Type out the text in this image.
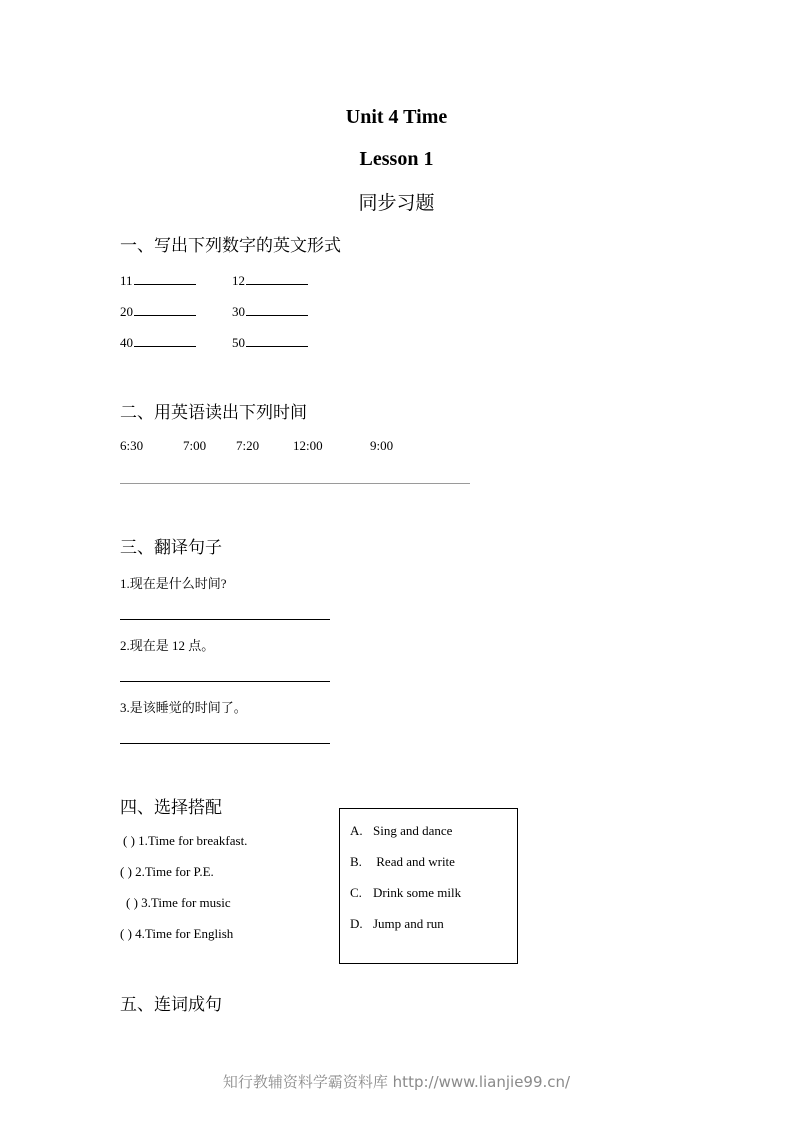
Unit 4 Time
Lesson 1
同步习题
一、写出下列数字的英文形式
11	12
20	30
40	50
二、用英语读出下列时间
6:30	7:00 7:20	12:00	9:00
三、翻译句子
1.现在是什么时间?
2.现在是 12 点。
3.是该睡觉的时间了。
四、选择搭配
( ) 1.Time for breakfast.
( ) 2.Time for P.E.
( ) 3.Time for music
( ) 4.Time for English
A. Sing and dance
B. Read and write
C. Drink some milk
D. Jump and run
五、连词成句
知行教辅资料学霸资料库 http://www.lianjie99.cn/
